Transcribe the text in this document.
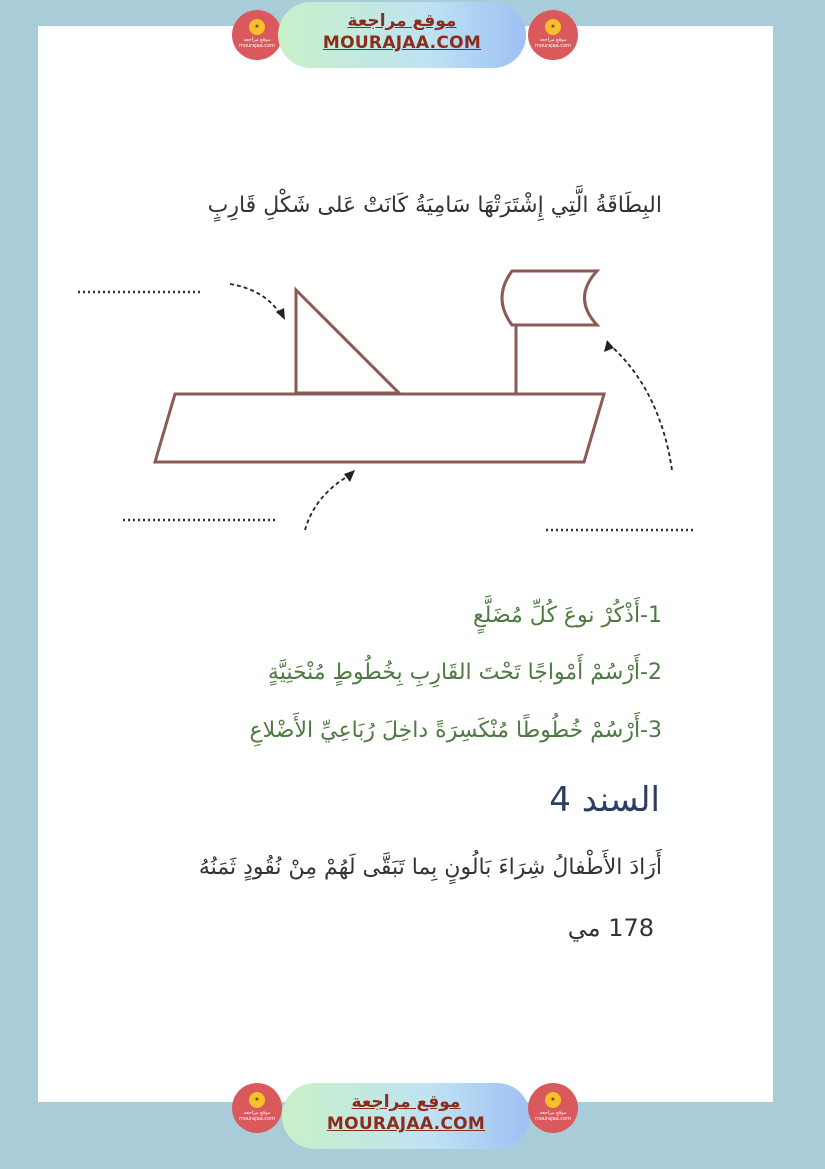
★
موقع مراجعة mourajaa.com
موقع مراجعة
MOURAJAA.COM
★
موقع مراجعة mourajaa.com
البِطَاقَةُ الَّتِي إِشْتَرَتْهَا سَامِيَةُ كَانَتْ عَلى شَكْلِ قَارِبٍ
1-أَذْكُرْ نوعَ كُلِّ مُضَلَّعٍ
2-أَرْسُمْ أَمْواجًا تَحْتَ القَارِبِ بِخُطُوطٍ مُنْحَنِيَّةٍ
3-أَرْسُمْ خُطُوطًا مُنْكَسِرَةً داخِلَ رُبَاعِيِّ الأَضْلاعِ
السند 4
أَرَادَ الأَطْفالُ شِرَاءَ بَالُونٍ بِما تَبَقَّى لَهُمْ مِنْ نُقُودٍ ثَمَنُهُ
178 مي
★
موقع مراجعة mourajaa.com
موقع مراجعة
MOURAJAA.COM
★
موقع مراجعة mourajaa.com
